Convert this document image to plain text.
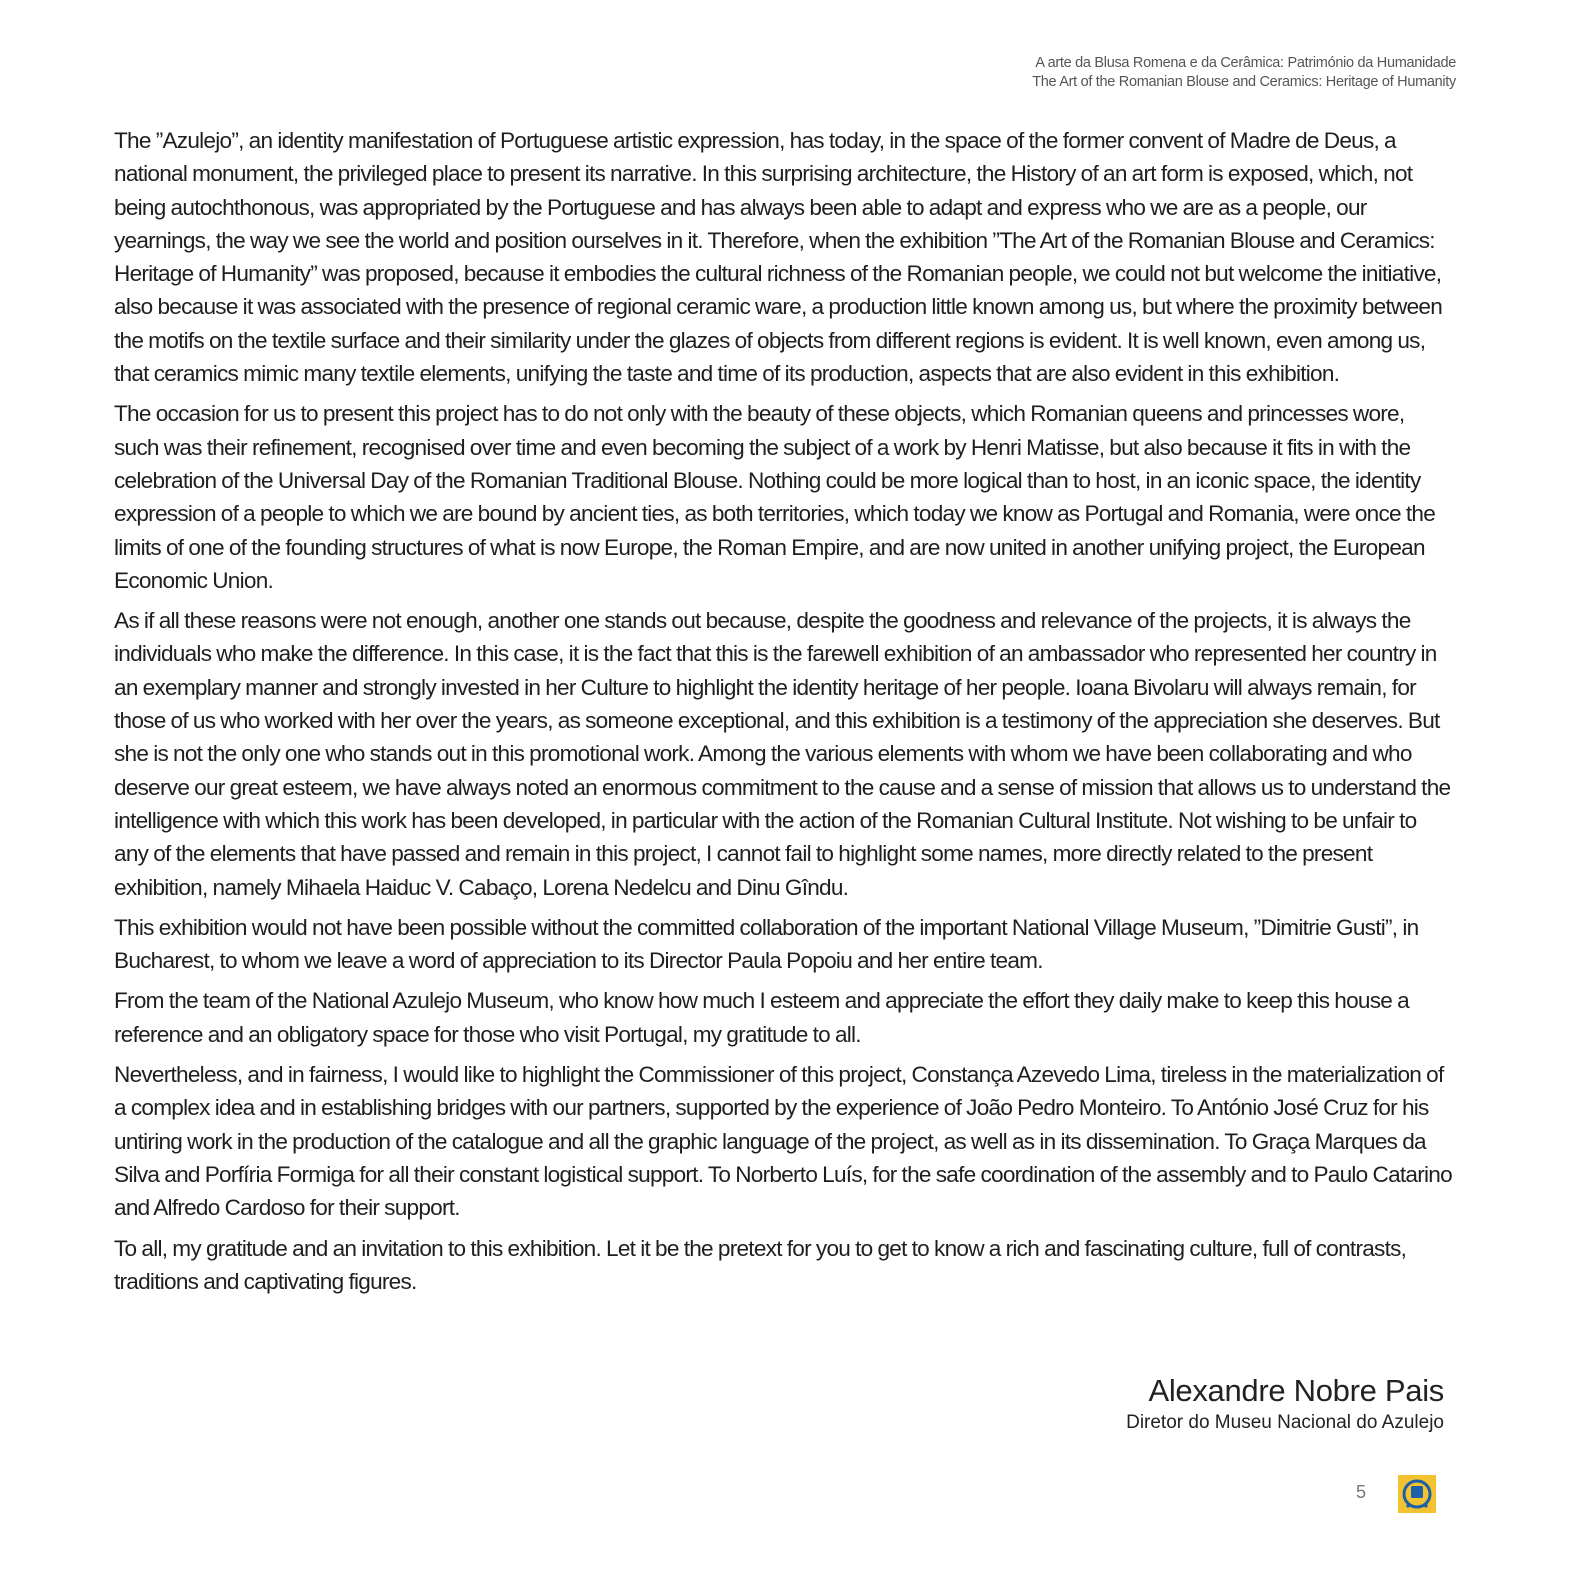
A arte da Blusa Romena e da Cerâmica: Património da Humanidade
The Art of the Romanian Blouse and Ceramics: Heritage of Humanity

The ”Azulejo”, an identity manifestation of Portuguese artistic expression, has today, in the space of the former convent of Madre de Deus, a national monument, the privileged place to present its narrative. In this surprising architecture, the History of an art form is exposed, which, not being autochthonous, was appropriated by the Portuguese and has always been able to adapt and express who we are as a people, our yearnings, the way we see the world and position ourselves in it. Therefore, when the exhibition ”The Art of the Romanian Blouse and Ceramics: Heritage of Humanity” was proposed, because it embodies the cultural richness of the Romanian people, we could not but welcome the initiative, also because it was associated with the presence of regional ceramic ware, a production little known among us, but where the proximity between the motifs on the textile surface and their similarity under the glazes of objects from different regions is evident. It is well known, even among us, that ceramics mimic many textile elements, unifying the taste and time of its production, aspects that are also evident in this exhibition.

The occasion for us to present this project has to do not only with the beauty of these objects, which Romanian queens and princesses wore, such was their refinement, recognised over time and even becoming the subject of a work by Henri Matisse, but also because it fits in with the celebration of the Universal Day of the Romanian Traditional Blouse. Nothing could be more logical than to host, in an iconic space, the identity expression of a people to which we are bound by ancient ties, as both territories, which today we know as Portugal and Romania, were once the limits of one of the founding structures of what is now Europe, the Roman Empire, and are now united in another unifying project, the European Economic Union.

As if all these reasons were not enough, another one stands out because, despite the goodness and relevance of the projects, it is always the individuals who make the difference. In this case, it is the fact that this is the farewell exhibition of an ambassador who represented her country in an exemplary manner and strongly invested in her Culture to highlight the identity heritage of her people. Ioana Bivolaru will always remain, for those of us who worked with her over the years, as someone exceptional, and this exhibition is a testimony of the appreciation she deserves. But she is not the only one who stands out in this promotional work. Among the various elements with whom we have been collaborating and who deserve our great esteem, we have always noted an enormous commitment to the cause and a sense of mission that allows us to understand the intelligence with which this work has been developed, in particular with the action of the Romanian Cultural Institute. Not wishing to be unfair to any of the elements that have passed and remain in this project, I cannot fail to highlight some names, more directly related to the present exhibition, namely Mihaela Haiduc V. Cabaço, Lorena Nedelcu and Dinu Gîndu.

This exhibition would not have been possible without the committed collaboration of the important National Village Museum, ”Dimitrie Gusti”, in Bucharest, to whom we leave a word of appreciation to its Director Paula Popoiu and her entire team.

From the team of the National Azulejo Museum, who know how much I esteem and appreciate the effort they daily make to keep this house a reference and an obligatory space for those who visit Portugal, my gratitude to all.

Nevertheless, and in fairness, I would like to highlight the Commissioner of this project, Constança Azevedo Lima, tireless in the materialization of a complex idea and in establishing bridges with our partners, supported by the experience of João Pedro Monteiro. To António José Cruz for his untiring work in the production of the catalogue and all the graphic language of the project, as well as in its dissemination. To Graça Marques da Silva and Porfíria Formiga for all their constant logistical support. To Norberto Luís, for the safe coordination of the assembly and to Paulo Catarino and Alfredo Cardoso for their support.

To all, my gratitude and an invitation to this exhibition. Let it be the pretext for you to get to know a rich and fascinating culture, full of contrasts, traditions and captivating figures.

Alexandre Nobre Pais
Diretor do Museu Nacional do Azulejo
5
